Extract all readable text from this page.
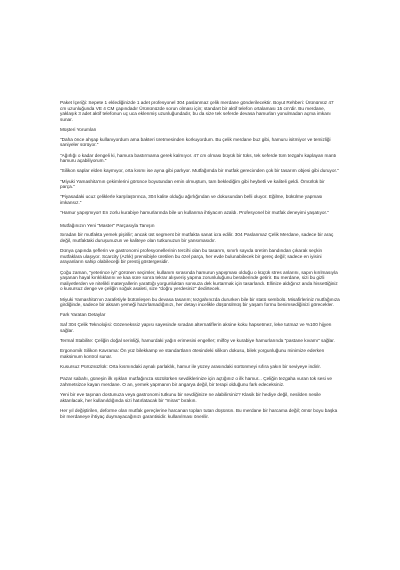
Paket İçeriği: Sepete 1 eklediğinizde 1 adet profesyonel 304 paslanmaz çelik merdane gönderilecektir. Boyut Rehberi: Ürünümüz 47 cm uzunluğunda VE 4 CM çapındadır Ürününüzde sorun olması için; standart bir aktif telefon ortalaması 15 cm'dir. Bu merdane, yaklaşık 3 adet aktif telefonun uç uca eklenmiş uzunluğundadır, bu da size tek seferde devasa hamurları yonulmadan açma imkanı sunar.

Müşteri Yorumları

"Daha önce ahşap kullanıyordum ama bakteri üretmesinden korkuyordum. Bu çelik merdane buz gibi, hamuru isitmiyor ve temizliği saniyeler sürüyor."

"Ağırlığı o kadar dengeli ki, hamura bastırmama gerek kalmıyor. 47 cm olması büyük bir tüks, tek seferde tüm tezgahı kaplayan mantı hamuru açabiliyorum."

"Silikon saplar elden kaymıyor, orta kısmı ise ayna gibi parlıyor. Mutfağımda bir mutfak gereciınden çok bir tasarım objesi gibi duruyor."

"Miyuki Yamashita'nın çekimlerini görünce boyutundan emin olmuştum, tam beklediğim gibi heybetli ve kaliteli geldi. Ömürlük bir parça."

"Piyasadaki ucuz çeliklerle karşılaştırınca, 304 kalite olduğu ağırlığından ve dokusundan belli oluyor. Eğilme, bükülme yapması imkansız."

"Hamur yapışmıyor! En zorlu kurabiye hamurlarında bile un kullanma ihtiyacım azaldı. Profesyonel bir mutfak deneyimi yaşatıyor."

Mutfağınızın Yeni "Master" Parçasıyla Tanışın

Sıradan bir mutfakta yemek pişirilir; ancak üst segment bir mutfakta sanat icra edilir. 304 Paslanmaz Çelik Merdane, sadece bir araç değil, mutfaktaki duruşunuzun ve kaliteye olan tutkunuzun bir yansımasıdır.

Dünya çapında şeflerin ve gastronomi profesyonellerinin tercihi olan bu tasarım, sınırlı sayıda üretim bandından çıkarak seçkin mutfaklara ulaşıyor. Scarcity (Azlık) prensibiyle üretilen bu özel parça, her evde bulunabilecek bir gereç değil; sadece en iyisini arayanların sahip olabileceği bir prestij göstergesidir.

Çoğu zaman, "yeterince iyi" görünen seçimler, kullanım sırasında hamurun yapışması olduğu o küçük stres anlarını, sapın kırılmasıyla yaşanan hayal kırıklıklarını ve kaa süre sonra tekrar alışveriş yapma zorunluluğunu beraberinde getirir. Bu merdane, sizi bu gizli maliyetlerden ve nitelikli materyallerin yarattığı yorgunluktan sonsuza dek kurtarmak için tasarlandı. Ellinize aldığınız anda hissettiğiniz o kusursuz denge ve çeliğin soğuk asaleti, size "doğru yerdesiniz" dedirtecek.

Miyuki Yamashita'nın zarafetiyle bütünleşen bu devasa tasarım; tezgahınızda dururken bile bir statü sembolü. Misafirleriniz mutfağınıza girdiğinde, sadece bir aksam yemeği hazırlamadığınızı, her detayı incelikle düşünülmüş bir yaşam formu benimsediğinizi görecekler.

Fark Yaratan Detaylar

Saf 304 Çelik Teknolojisi: Gözenekssiz yapısı sayesinde sıradan alternatiflerin aksine koku hapsetmez, leke tutmaz ve %100 hijyen sağlar.

Termal Stabilite: Çeliğin doğal serinliği, hamurdaki yağın erimesini engeller; milföy ve kurabiye hamurlarında "pastane kıvamı" sağlar.

Ergonomik Silikon Kavrama: Ön yüz bilekkamp ve standartların ötesindeki silikon dokusu, bilek yorgunluğunu minimize ederken maksimum kontrol sunar.

Kusursuz Pürüzsüzlük: Orta kısmındaki aynalı parlaklık, hamur ile yüzey arasındaki sürtünmeyi sıfıra yakın bir seviyeye indirir.

Pazar sabahı, güneşin ilk ışıkları mutfağınıza süzülürken sevdiklerinize için açtığınız o ilk hamur... Çeliğin tezgaha vuran tok sesi ve zahmetsizce kayan merdane. O an, yemek yapmanın bir angarya değil, bir terapi olduğunu fark edeceksiniz.

Yeni bir eve taşınan dostunuza veya gastronomi tutkunu bir sevdiğinize ne alabilirsiniz? Klasik bir hediye değil, nesilden nesile aktarılacak, her kullanıldığında sizi hatırlatacak bir "miras" bırakın.

Her yıl değiştirilen, deforme olan mutfak gereçlerine harcanan topları tutan düşünün. Bu merdane bir harcama değil; ömür boyu başka bir merdaneye ihtiyaç duymayacağınızı garantisidir. kullanılması önerilir.
